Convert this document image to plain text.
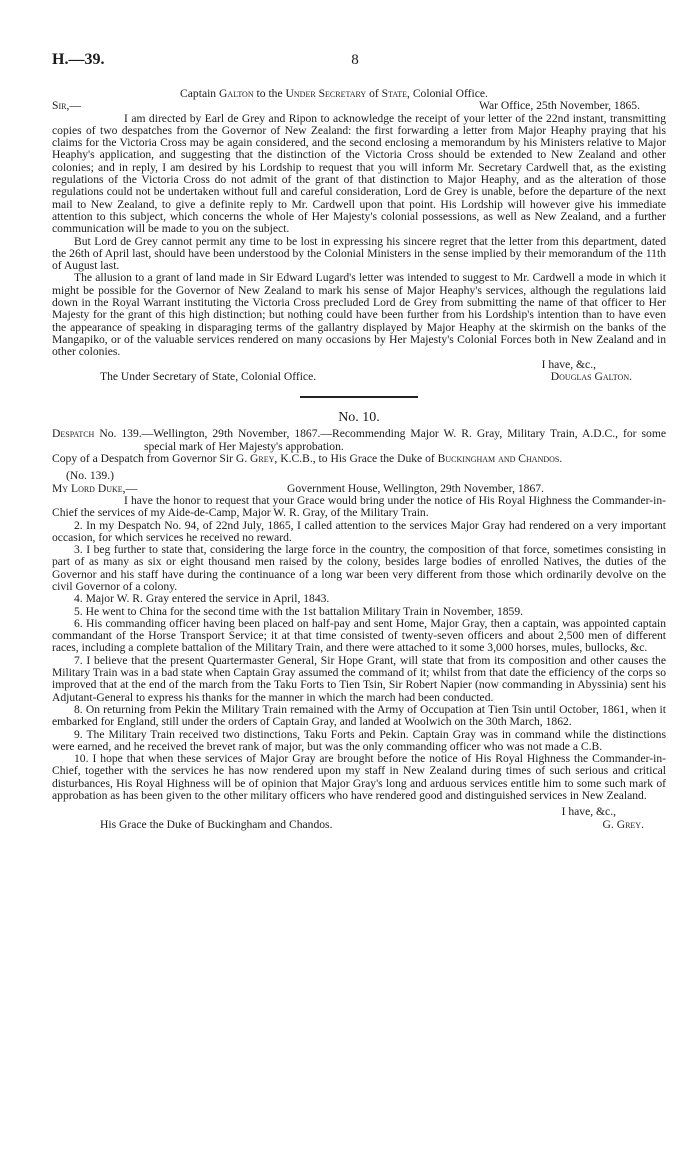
H.—39.	8

Captain Galton to the Under Secretary of State, Colonial Office.

Sir,—	War Office, 25th November, 1865.

I am directed by Earl de Grey and Ripon to acknowledge the receipt of your letter of the 22nd instant, transmitting copies of two despatches from the Governor of New Zealand: the first forwarding a letter from Major Heaphy praying that his claims for the Victoria Cross may be again considered, and the second enclosing a memorandum by his Ministers relative to Major Heaphy's application, and suggesting that the distinction of the Victoria Cross should be extended to New Zealand and other colonies; and in reply, I am desired by his Lordship to request that you will inform Mr. Secretary Cardwell that, as the existing regulations of the Victoria Cross do not admit of the grant of that distinction to Major Heaphy, and as the alteration of those regulations could not be undertaken without full and careful consideration, Lord de Grey is unable, before the departure of the next mail to New Zealand, to give a definite reply to Mr. Cardwell upon that point. His Lordship will however give his immediate attention to this subject, which concerns the whole of Her Majesty's colonial possessions, as well as New Zealand, and a further communication will be made to you on the subject.

But Lord de Grey cannot permit any time to be lost in expressing his sincere regret that the letter from this department, dated the 26th of April last, should have been understood by the Colonial Ministers in the sense implied by their memorandum of the 11th of August last.

The allusion to a grant of land made in Sir Edward Lugard's letter was intended to suggest to Mr. Cardwell a mode in which it might be possible for the Governor of New Zealand to mark his sense of Major Heaphy's services, although the regulations laid down in the Royal Warrant instituting the Victoria Cross precluded Lord de Grey from submitting the name of that officer to Her Majesty for the grant of this high distinction; but nothing could have been further from his Lordship's intention than to have even the appearance of speaking in disparaging terms of the gallantry displayed by Major Heaphy at the skirmish on the banks of the Mangapiko, or of the valuable services rendered on many occasions by Her Majesty's Colonial Forces both in New Zealand and in other colonies.

I have, &c.,

The Under Secretary of State, Colonial Office.	Douglas Galton.
No. 10.

Despatch No. 139.—Wellington, 29th November, 1867.—Recommending Major W. R. Gray, Military Train, A.D.C., for some special mark of Her Majesty's approbation.

Copy of a Despatch from Governor Sir G. Grey, K.C.B., to His Grace the Duke of Buckingham and Chandos.

(No. 139.)

My Lord Duke,—	Government House, Wellington, 29th November, 1867.

I have the honor to request that your Grace would bring under the notice of His Royal Highness the Commander-in-Chief the services of my Aide-de-Camp, Major W. R. Gray, of the Military Train.

2. In my Despatch No. 94, of 22nd July, 1865, I called attention to the services Major Gray had rendered on a very important occasion, for which services he received no reward.

3. I beg further to state that, considering the large force in the country, the composition of that force, sometimes consisting in part of as many as six or eight thousand men raised by the colony, besides large bodies of enrolled Natives, the duties of the Governor and his staff have during the continuance of a long war been very different from those which ordinarily devolve on the civil Governor of a colony.

4. Major W. R. Gray entered the service in April, 1843.

5. He went to China for the second time with the 1st battalion Military Train in November, 1859.

6. His commanding officer having been placed on half-pay and sent Home, Major Gray, then a captain, was appointed captain commandant of the Horse Transport Service; it at that time consisted of twenty-seven officers and about 2,500 men of different races, including a complete battalion of the Military Train, and there were attached to it some 3,000 horses, mules, bullocks, &c.

7. I believe that the present Quartermaster General, Sir Hope Grant, will state that from its composition and other causes the Military Train was in a bad state when Captain Gray assumed the command of it; whilst from that date the efficiency of the corps so improved that at the end of the march from the Taku Forts to Tien Tsin, Sir Robert Napier (now commanding in Abyssinia) sent his Adjutant-General to express his thanks for the manner in which the march had been conducted.

8. On returning from Pekin the Military Train remained with the Army of Occupation at Tien Tsin until October, 1861, when it embarked for England, still under the orders of Captain Gray, and landed at Woolwich on the 30th March, 1862.

9. The Military Train received two distinctions, Taku Forts and Pekin. Captain Gray was in command while the distinctions were earned, and he received the brevet rank of major, but was the only commanding officer who was not made a C.B.

10. I hope that when these services of Major Gray are brought before the notice of His Royal Highness the Commander-in-Chief, together with the services he has now rendered upon my staff in New Zealand during times of such serious and critical disturbances, His Royal Highness will be of opinion that Major Gray's long and arduous services entitle him to some such mark of approbation as has been given to the other military officers who have rendered good and distinguished services in New Zealand.

I have, &c.,

His Grace the Duke of Buckingham and Chandos.	G. Grey.
